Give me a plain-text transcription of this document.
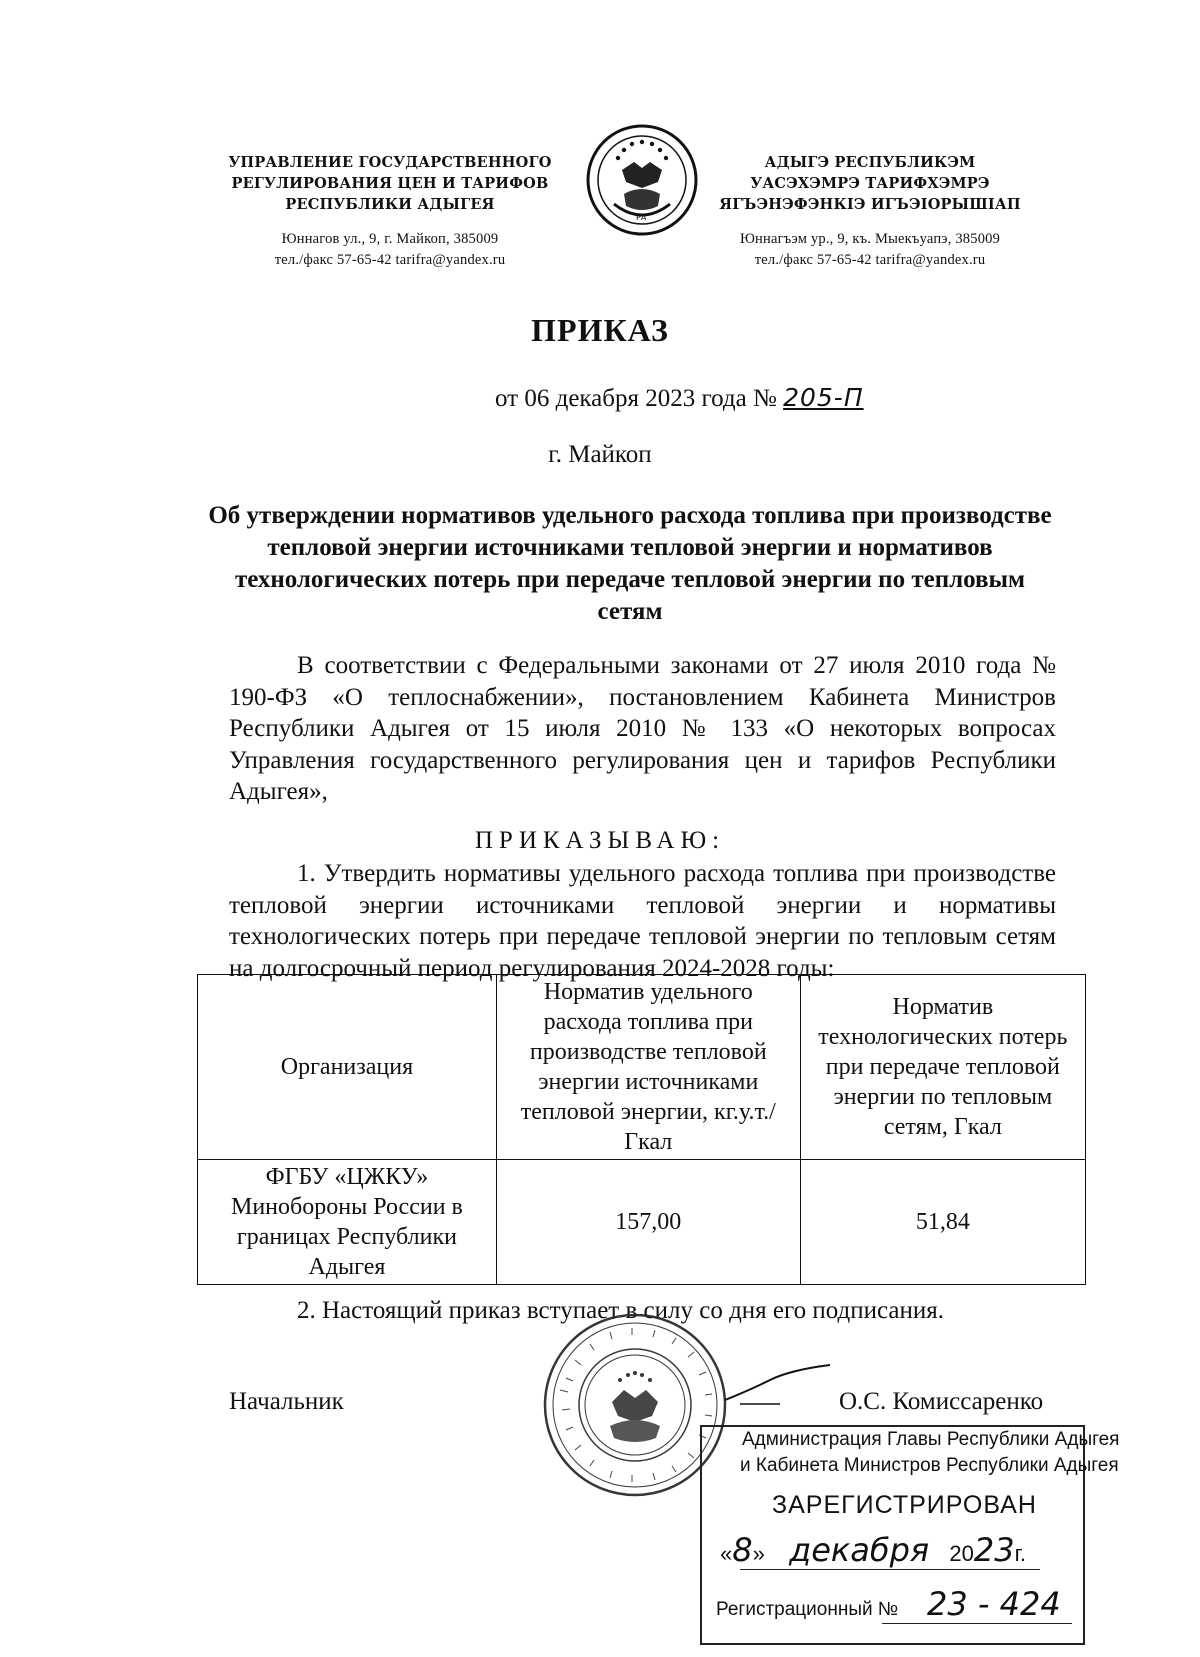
УПРАВЛЕНИЕ ГОСУДАРСТВЕННОГО
РЕГУЛИРОВАНИЯ ЦЕН И ТАРИФОВ
РЕСПУБЛИКИ АДЫГЕЯ
Юннагов ул., 9, г. Майкоп, 385009
тел./факс 57-65-42 tarifra@yandex.ru
РА
АДЫГЭ РЕСПУБЛИКЭМ
УАСЭХЭМРЭ ТАРИФХЭМРЭ
ЯГЪЭНЭФЭНКІЭ ИГЪЭІОРЫШІАП
Юннагъэм ур., 9, къ. Мыекъуапэ, 385009
тел./факс 57-65-42 tarifra@yandex.ru
ПРИКАЗ
от 06 декабря 2023 года № 205-П
г. Майкоп
Об утверждении нормативов удельного расхода топлива при производстве тепловой энергии источниками тепловой энергии и нормативов технологических потерь при передаче тепловой энергии по тепловым сетям
В соответствии с Федеральными законами от 27 июля 2010 года № 190-ФЗ «О теплоснабжении», постановлением Кабинета Министров Республики Адыгея от 15 июля 2010 № 133 «О некоторых вопросах Управления государственного регулирования цен и тарифов Республики Адыгея»,
ПРИКАЗЫВАЮ:
1. Утвердить нормативы удельного расхода топлива при производстве тепловой энергии источниками тепловой энергии и нормативы технологических потерь при передаче тепловой энергии по тепловым сетям на долгосрочный период регулирования 2024-2028 годы:
Организация	Норматив удельного расхода топлива при производстве тепловой энергии источниками тепловой энергии, кг.у.т./Гкал	Норматив технологических потерь при передаче тепловой энергии по тепловым сетям, Гкал
ФГБУ «ЦЖКУ» Минобороны России в границах Республики Адыгея	157,00	51,84
2. Настоящий приказ вступает в силу со дня его подписания.
Начальник	О.С. Комиссаренко
Администрация Главы Республики Адыгея
и Кабинета Министров Республики Адыгея
ЗАРЕГИСТРИРОВАН
«8»  декабря 2023г.
Регистрационный № 23 - 424
